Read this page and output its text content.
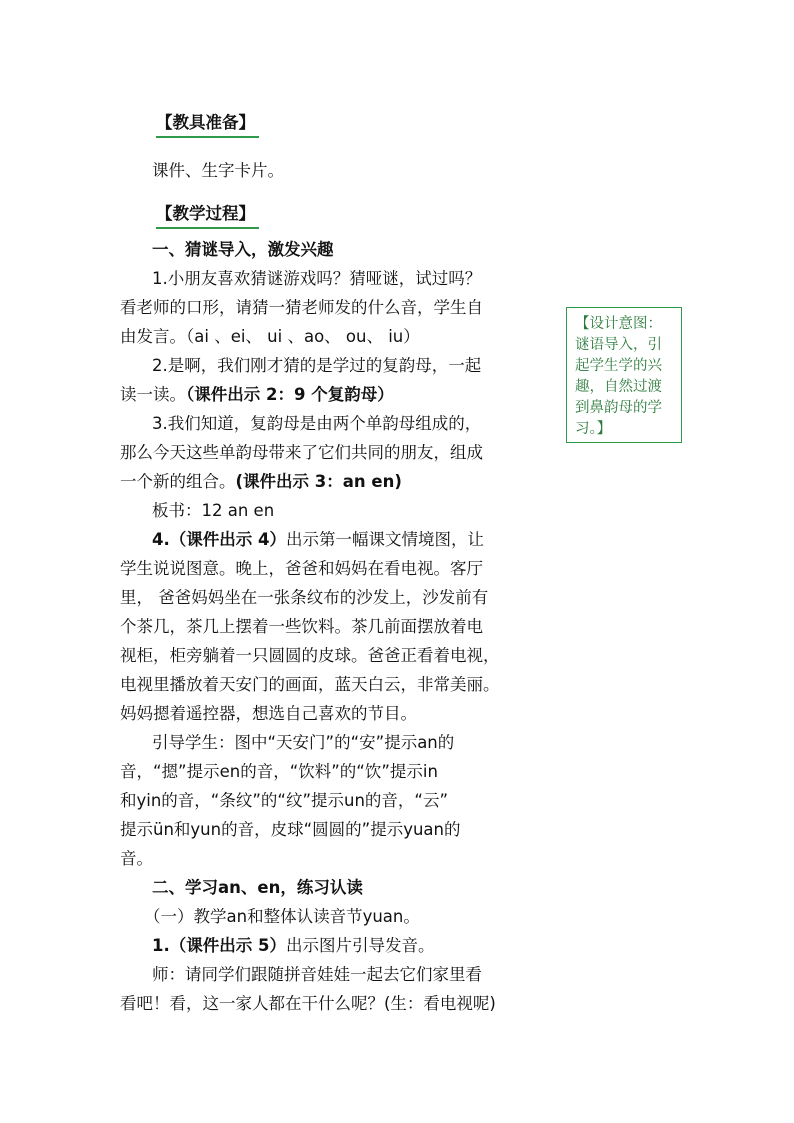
【教具准备】
课件、生字卡片。
【教学过程】
一、猜谜导入，激发兴趣
1.小朋友喜欢猜谜游戏吗？猜哑谜，试过吗？
看老师的口形，请猜一猜老师发的什么音，学生自
由发言。（ai 、ei、 ui 、ao、 ou、 iu）
2.是啊，我们刚才猜的是学过的复韵母，一起
读一读。（课件出示 2：9 个复韵母）
3.我们知道，复韵母是由两个单韵母组成的，
那么今天这些单韵母带来了它们共同的朋友，组成
一个新的组合。(课件出示 3：an en)
板书：12 an en
4.（课件出示 4）出示第一幅课文情境图，让
学生说说图意。晚上，爸爸和妈妈在看电视。客厅
里， 爸爸妈妈坐在一张条纹布的沙发上，沙发前有
个茶几，茶几上摆着一些饮料。茶几前面摆放着电
视柜，柜旁躺着一只圆圆的皮球。爸爸正看着电视，
电视里播放着天安门的画面，蓝天白云，非常美丽。
妈妈摁着遥控器，想选自己喜欢的节目。
引导学生：图中“天安门”的“安”提示an的
音，“摁”提示en的音，“饮料”的“饮”提示in
和yin的音，“条纹”的“纹”提示un的音，“云”
提示ün和yun的音，皮球“圆圆的”提示yuan的
音。
二、学习an、en，练习认读
（一）教学an和整体认读音节yuan。
1.（课件出示 5）出示图片引导发音。
师：请同学们跟随拼音娃娃一起去它们家里看
看吧！看，这一家人都在干什么呢？(生：看电视呢)
【设计意图：谜语导入，引起学生学的兴趣，自然过渡到鼻韵母的学习。】
